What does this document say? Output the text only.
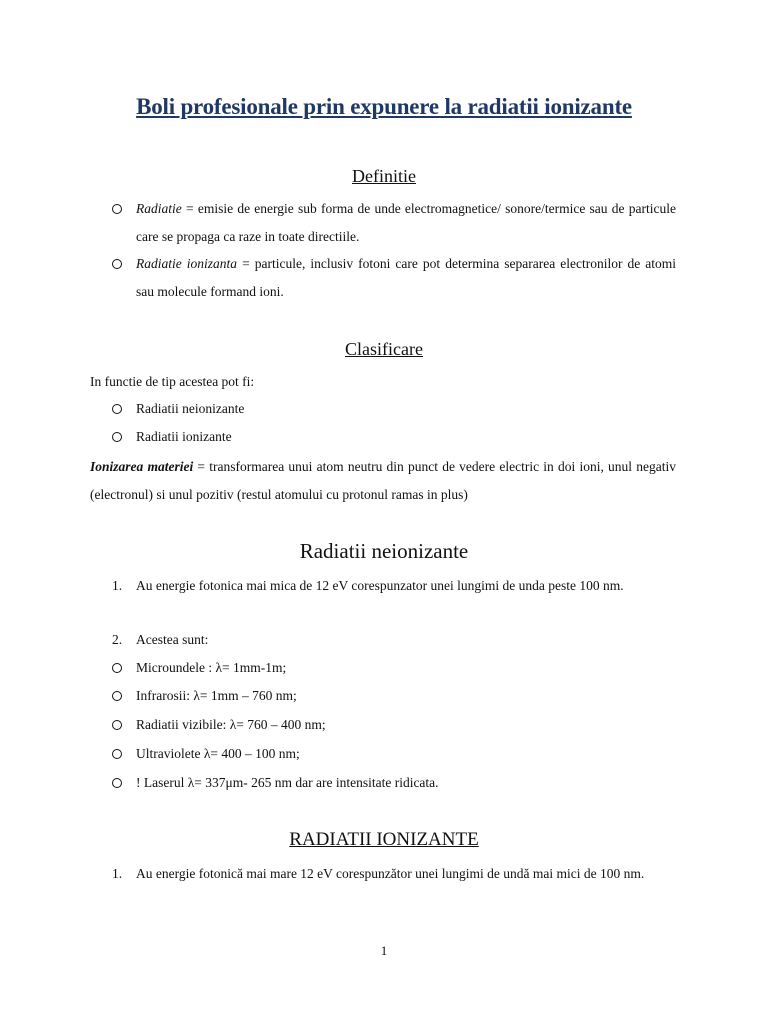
Boli profesionale prin expunere la radiatii ionizante
Definitie
Radiatie = emisie de energie sub forma de unde electromagnetice/ sonore/termice sau de particule care se propaga ca raze in toate directiile.
Radiatie ionizanta = particule, inclusiv fotoni care pot determina separarea electronilor de atomi sau molecule formand ioni.
Clasificare
In functie de tip acestea pot fi:
Radiatii neionizante
Radiatii ionizante
Ionizarea materiei = transformarea unui atom neutru din punct de vedere electric in doi ioni, unul negativ (electronul) si unul pozitiv (restul atomului cu protonul ramas in plus)
Radiatii neionizante
1. Au energie fotonica mai mica de 12 eV corespunzator unei lungimi de unda peste 100 nm.
2. Acestea sunt:
Microundele : λ= 1mm-1m;
Infrarosii: λ= 1mm – 760 nm;
Radiatii vizibile: λ= 760 – 400 nm;
Ultraviolete λ= 400 – 100 nm;
! Laserul λ= 337μm- 265 nm dar are intensitate ridicata.
RADIATII IONIZANTE
1. Au energie fotonică mai mare 12 eV corespunzător unei lungimi de undă mai mici de 100 nm.
1
